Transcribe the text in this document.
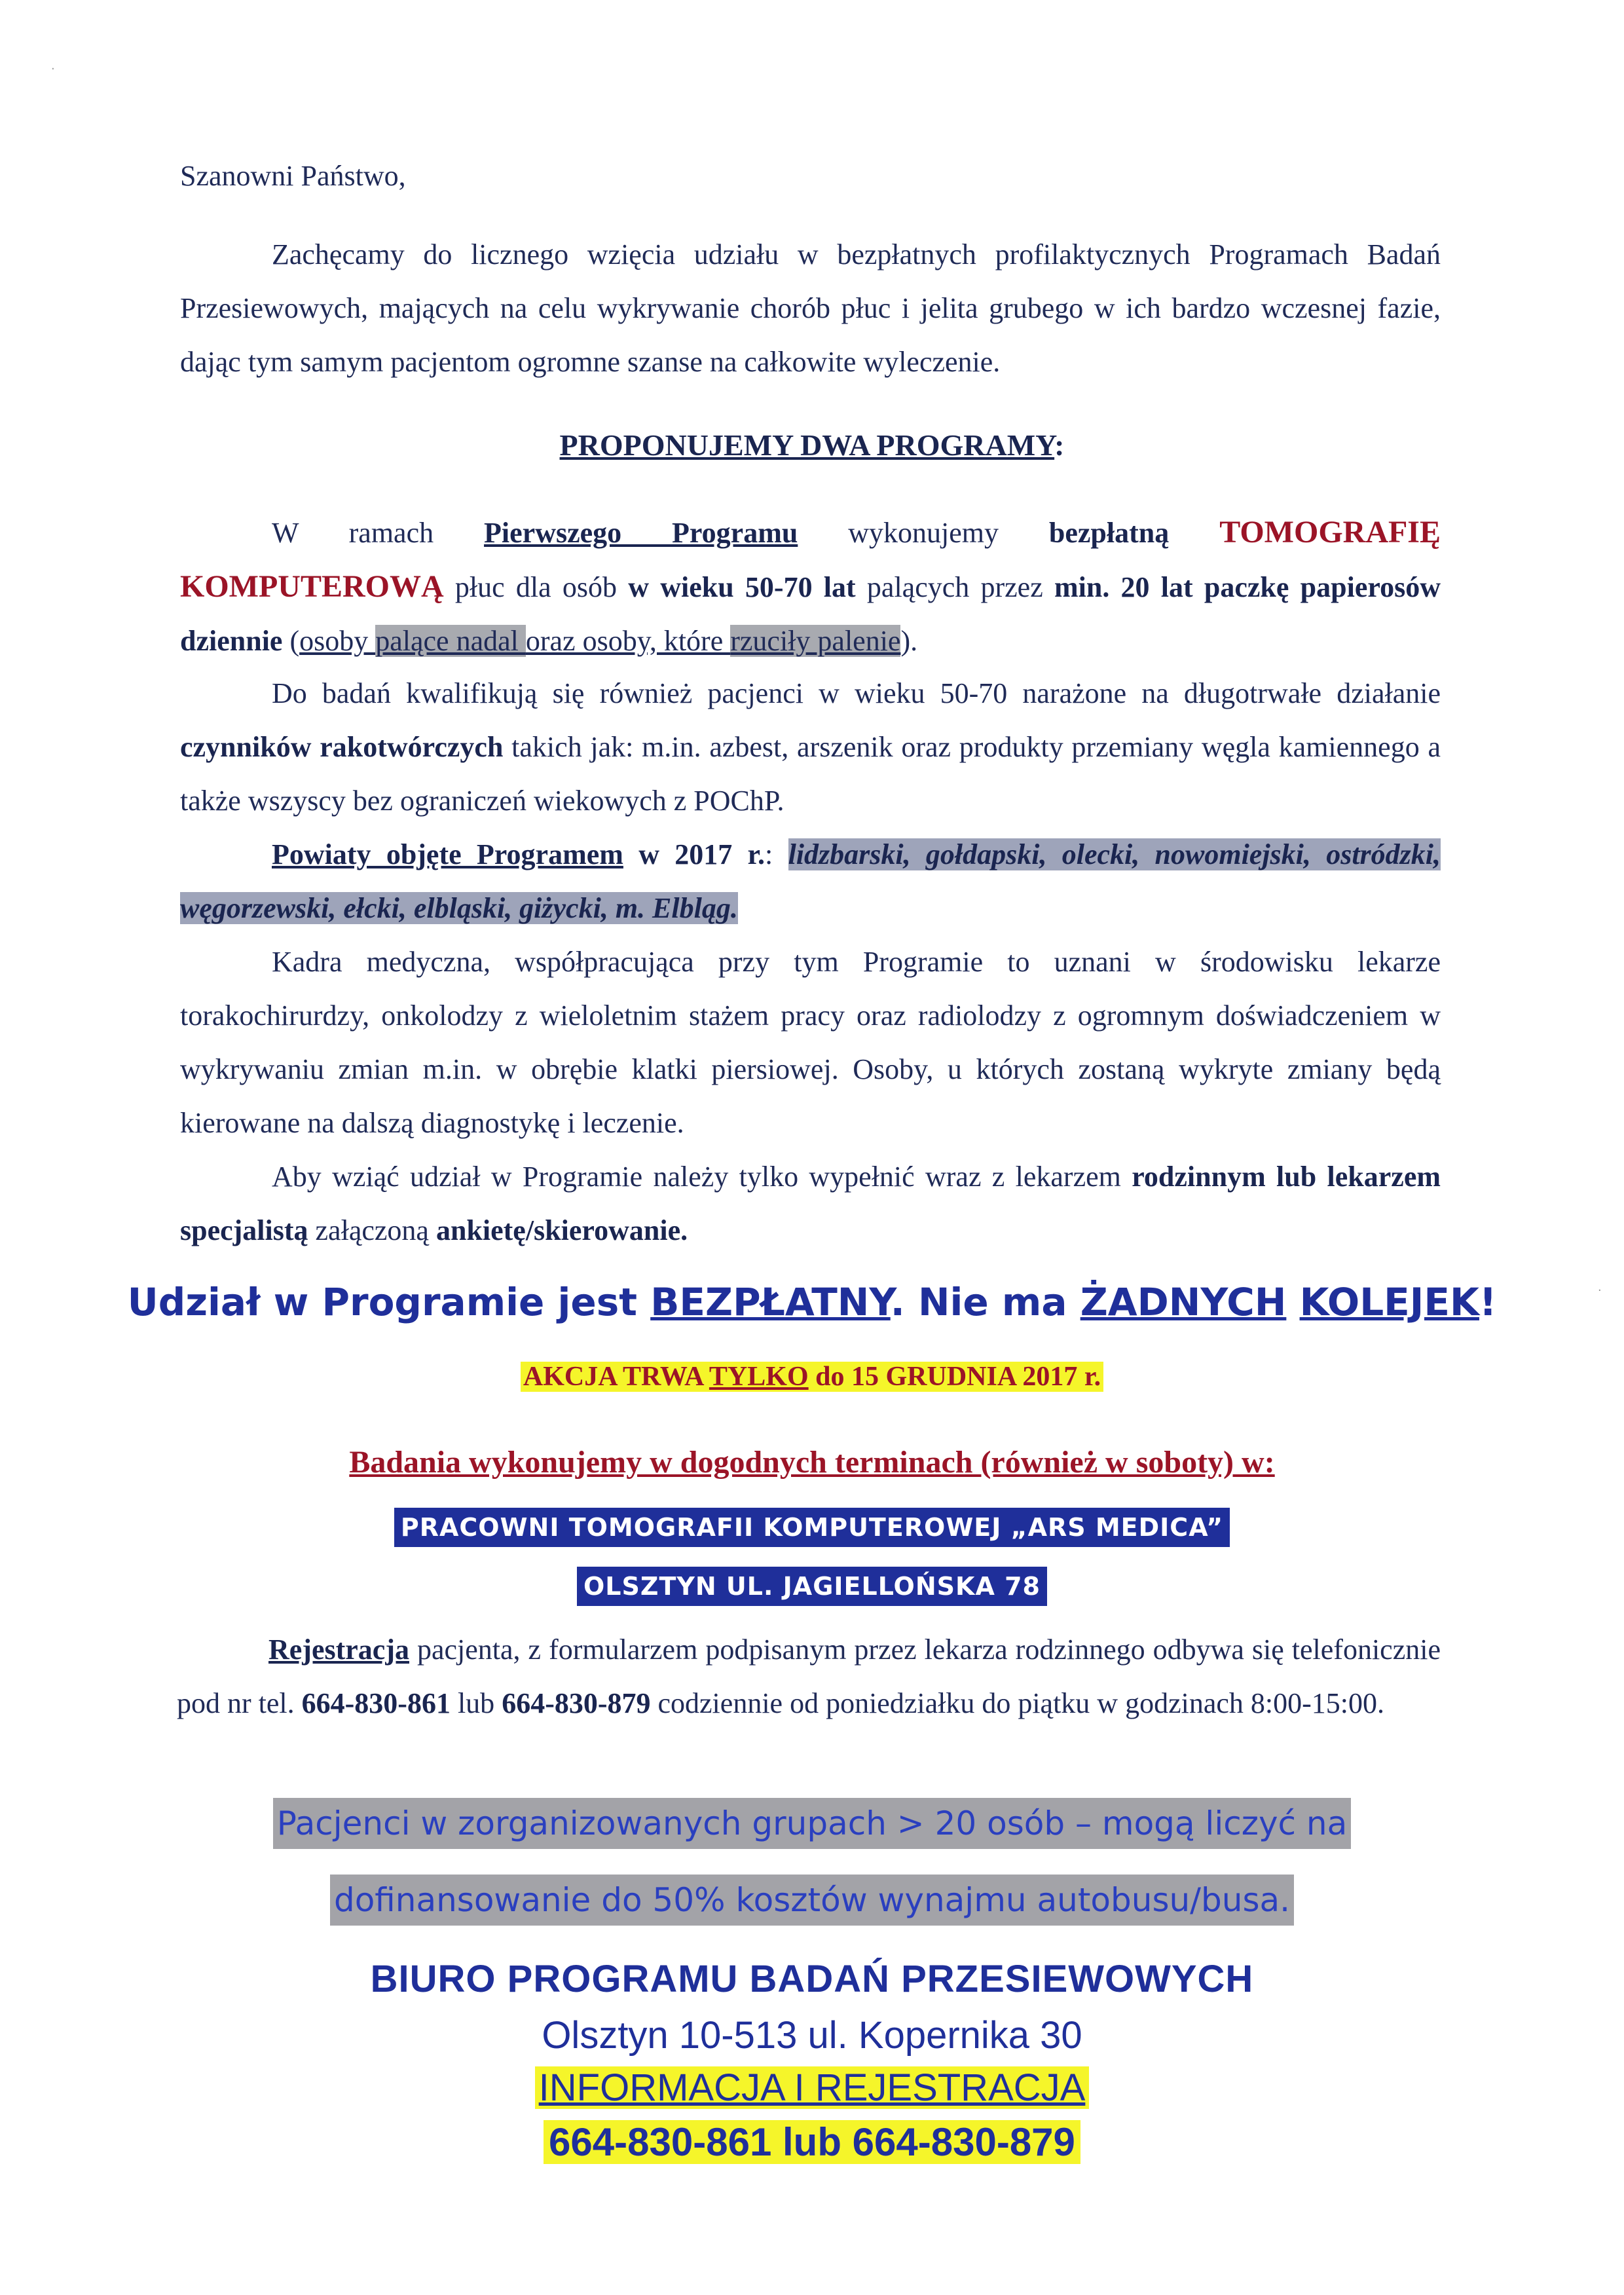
·
·
Szanowni Państwo,
Zachęcamy do licznego wzięcia udziału w bezpłatnych profilaktycznych Programach Badań Przesiewowych, mających na celu wykrywanie chorób płuc i jelita grubego w ich bardzo wczesnej fazie, dając tym samym pacjentom ogromne szanse na całkowite wyleczenie.
PROPONUJEMY DWA PROGRAMY:
W ramach Pierwszego Programu wykonujemy bezpłatną TOMOGRAFIĘ KOMPUTEROWĄ płuc dla osób w wieku 50-70 lat palących przez min. 20 lat paczkę papierosów dziennie (osoby palące nadal oraz osoby, które rzuciły palenie).
Do badań kwalifikują się również pacjenci w wieku 50-70 narażone na długotrwałe działanie czynników rakotwórczych takich jak: m.in. azbest, arszenik oraz produkty przemiany węgla kamiennego a także wszyscy bez ograniczeń wiekowych z POChP.
Powiaty objęte Programem w 2017 r.: lidzbarski, gołdapski, olecki, nowomiejski, ostródzki, węgorzewski, ełcki, elbląski, giżycki, m. Elbląg.
Kadra medyczna, współpracująca przy tym Programie to uznani w środowisku lekarze torakochirurdzy, onkolodzy z wieloletnim stażem pracy oraz radiolodzy z ogromnym doświadczeniem w wykrywaniu zmian m.in. w obrębie klatki piersiowej. Osoby, u których zostaną wykryte zmiany będą kierowane na dalszą diagnostykę i leczenie.
Aby wziąć udział w Programie należy tylko wypełnić wraz z lekarzem rodzinnym lub lekarzem specjalistą załączoną ankietę/skierowanie.
Udział w Programie jest BEZPŁATNY. Nie ma ŻADNYCH KOLEJEK!
AKCJA TRWA TYLKO do 15 GRUDNIA 2017 r.
Badania wykonujemy w dogodnych terminach (również w soboty) w:
PRACOWNI TOMOGRAFII KOMPUTEROWEJ „ARS MEDICA”
OLSZTYN UL. JAGIELLOŃSKA 78
Rejestracja pacjenta, z formularzem podpisanym przez lekarza rodzinnego odbywa się telefonicznie pod nr tel. 664-830-861 lub 664-830-879 codziennie od poniedziałku do piątku w godzinach 8:00-15:00.
Pacjenci w zorganizowanych grupach > 20 osób – mogą liczyć na
dofinansowanie do 50% kosztów wynajmu autobusu/busa.
BIURO PROGRAMU BADAŃ PRZESIEWOWYCH
Olsztyn 10-513 ul. Kopernika 30
INFORMACJA I REJESTRACJA
664-830-861 lub 664-830-879
